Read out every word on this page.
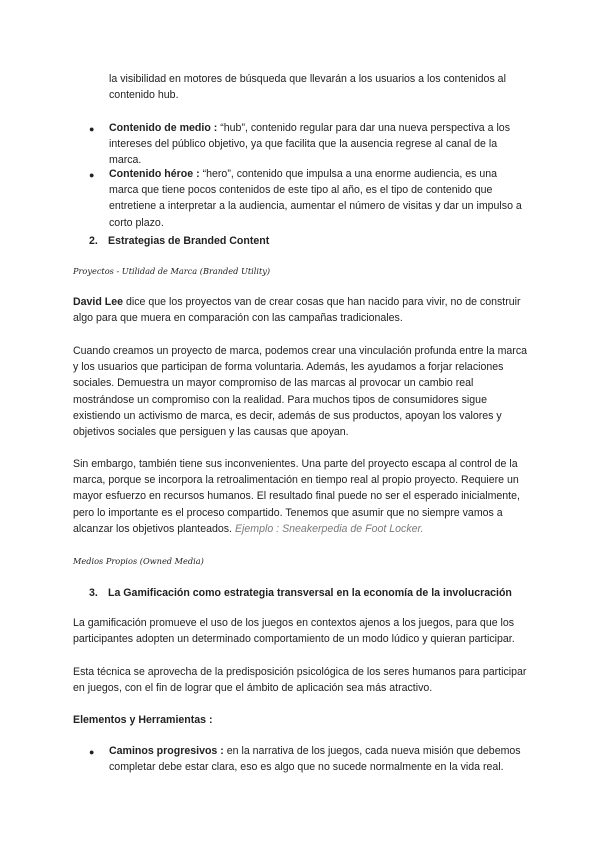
la visibilidad en motores de búsqueda que llevarán a los usuarios a los contenidos al contenido hub.

● Contenido de medio : “hub”, contenido regular para dar una nueva perspectiva a los intereses del público objetivo, ya que facilita que la ausencia regrese al canal de la marca.

● Contenido héroe : “hero”, contenido que impulsa a una enorme audiencia, es una marca que tiene pocos contenidos de este tipo al año, es el tipo de contenido que entretiene a interpretar a la audiencia, aumentar el número de visitas y dar un impulso a corto plazo.

2. Estrategias de Branded Content
Proyectos - Utilidad de Marca (Branded Utility)

David Lee dice que los proyectos van de crear cosas que han nacido para vivir, no de construir algo para que muera en comparación con las campañas tradicionales.

Cuando creamos un proyecto de marca, podemos crear una vinculación profunda entre la marca y los usuarios que participan de forma voluntaria. Además, les ayudamos a forjar relaciones sociales. Demuestra un mayor compromiso de las marcas al provocar un cambio real mostrándose un compromiso con la realidad. Para muchos tipos de consumidores sigue existiendo un activismo de marca, es decir, además de sus productos, apoyan los valores y objetivos sociales que persiguen y las causas que apoyan.

Sin embargo, también tiene sus inconvenientes. Una parte del proyecto escapa al control de la marca, porque se incorpora la retroalimentación en tiempo real al propio proyecto. Requiere un mayor esfuerzo en recursos humanos. El resultado final puede no ser el esperado inicialmente, pero lo importante es el proceso compartido. Tenemos que asumir que no siempre vamos a alcanzar los objetivos planteados. Ejemplo : Sneakerpedia de Foot Locker.

Medios Propios (Owned Media)
3. La Gamificación como estrategia transversal en la economía de la involucración

La gamificación promueve el uso de los juegos en contextos ajenos a los juegos, para que los participantes adopten un determinado comportamiento de un modo lúdico y quieran participar.

Esta técnica se aprovecha de la predisposición psicológica de los seres humanos para participar en juegos, con el fin de lograr que el ámbito de aplicación sea más atractivo.

Elementos y Herramientas :
● Caminos progresivos : en la narrativa de los juegos, cada nueva misión que debemos completar debe estar clara, eso es algo que no sucede normalmente en la vida real.
